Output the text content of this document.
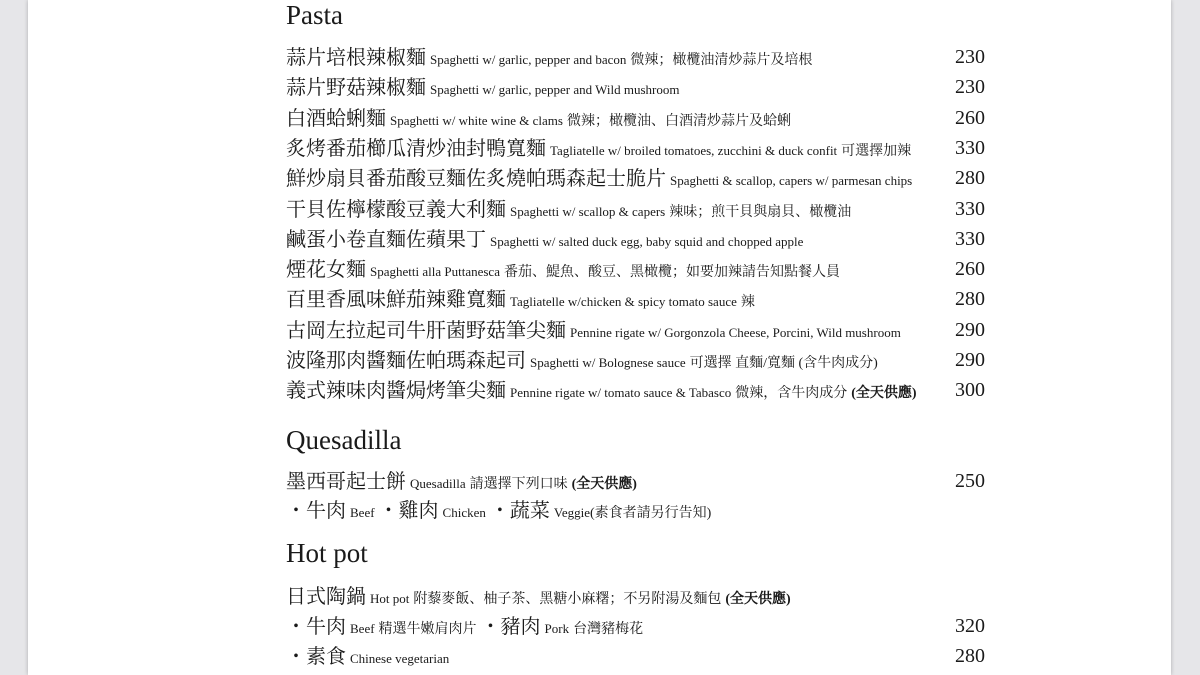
Pasta
蒜片培根辣椒麵 Spaghetti w/ garlic, pepper and bacon 微辣；橄欖油清炒蒜片及培根	230
蒜片野菇辣椒麵 Spaghetti w/ garlic, pepper and Wild mushroom	230
白酒蛤蜊麵 Spaghetti w/ white wine & clams 微辣；橄欖油、白酒清炒蒜片及蛤蜊	260
炙烤番茄櫛瓜清炒油封鴨寬麵 Tagliatelle w/ broiled tomatoes, zucchini & duck confit 可選擇加辣 330
鮮炒扇貝番茄酸豆麵佐炙燒帕瑪森起士脆片 Spaghetti & scallop, capers w/ parmesan chips 280
干貝佐檸檬酸豆義大利麵 Spaghetti w/ scallop & capers 辣味；煎干貝與扇貝、橄欖油	330
鹹蛋小卷直麵佐蘋果丁 Spaghetti w/ salted duck egg, baby squid and chopped apple	330
煙花女麵 Spaghetti alla Puttanesca 番茄、鯷魚、酸豆、黑橄欖；如要加辣請告知點餐人員	260
百里香風味鮮茄辣雞寬麵 Tagliatelle w/chicken & spicy tomato sauce 辣	280
古岡左拉起司牛肝菌野菇筆尖麵 Pennine rigate w/ Gorgonzola Cheese, Porcini, Wild mushroom	290
波隆那肉醬麵佐帕瑪森起司 Spaghetti w/ Bolognese sauce 可選擇 直麵/寬麵 (含牛肉成分)	290
義式辣味肉醬焗烤筆尖麵 Pennine rigate w/ tomato sauce & Tabasco 微辣，含牛肉成分 (全天供應) 300
Quesadilla
墨西哥起士餅 Quesadilla 請選擇下列口味 (全天供應)	250
・牛肉 Beef ・雞肉 Chicken ・蔬菜 Veggie(素食者請另行告知)
Hot pot
日式陶鍋 Hot pot 附藜麥飯、柚子茶、黑糖小麻糬；不另附湯及麵包 (全天供應)
・牛肉 Beef 精選牛嫩肩肉片 ・豬肉 Pork 台灣豬梅花	320
・素食 Chinese vegetarian	280
